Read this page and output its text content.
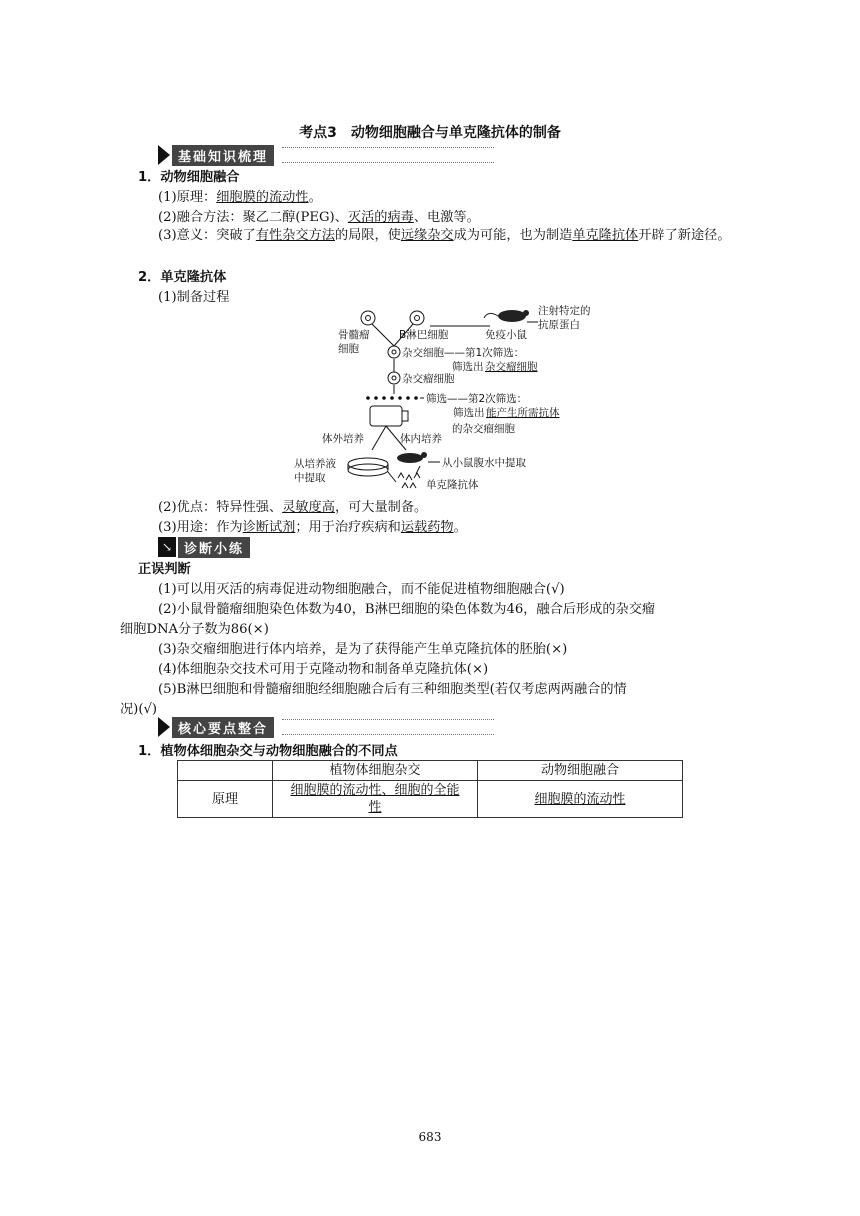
考点3　动物细胞融合与单克隆抗体的制备
基础知识梳理
1．动物细胞融合
(1)原理：细胞膜的流动性。
(2)融合方法：聚乙二醇(PEG)、灭活的病毒、电激等。
(3)意义：突破了有性杂交方法的局限，使远缘杂交成为可能，也为制造单克隆抗体开辟了新途径。
2．单克隆抗体
(1)制备过程
注射特定的
抗原蛋白
骨髓瘤
细胞
B淋巴细胞	免疫小鼠
杂交细胞——第1次筛选：
筛选出 杂交瘤细胞
杂交瘤细胞
筛选——第2次筛选：
筛选出 能产生所需抗体
的杂交瘤细胞
体外培养	体内培养
从培养液
中提取
从小鼠腹水中提取
单克隆抗体
(2)优点：特异性强、灵敏度高，可大量制备。
(3)用途：作为诊断试剂；用于治疗疾病和运载药物。
↘ 诊断小练
正误判断
(1)可以用灭活的病毒促进动物细胞融合，而不能促进植物细胞融合(√)
(2)小鼠骨髓瘤细胞染色体数为40，B淋巴细胞的染色体数为46，融合后形成的杂交瘤
细胞DNA分子数为86(×)
(3)杂交瘤细胞进行体内培养，是为了获得能产生单克隆抗体的胚胎(×)
(4)体细胞杂交技术可用于克隆动物和制备单克隆抗体(×)
(5)B淋巴细胞和骨髓瘤细胞经细胞融合后有三种细胞类型(若仅考虑两两融合的情
况)(√)
核心要点整合
1．植物体细胞杂交与动物细胞融合的不同点
	植物体细胞杂交	动物细胞融合
原理	细胞膜的流动性、细胞的全能
性	细胞膜的流动性
683
